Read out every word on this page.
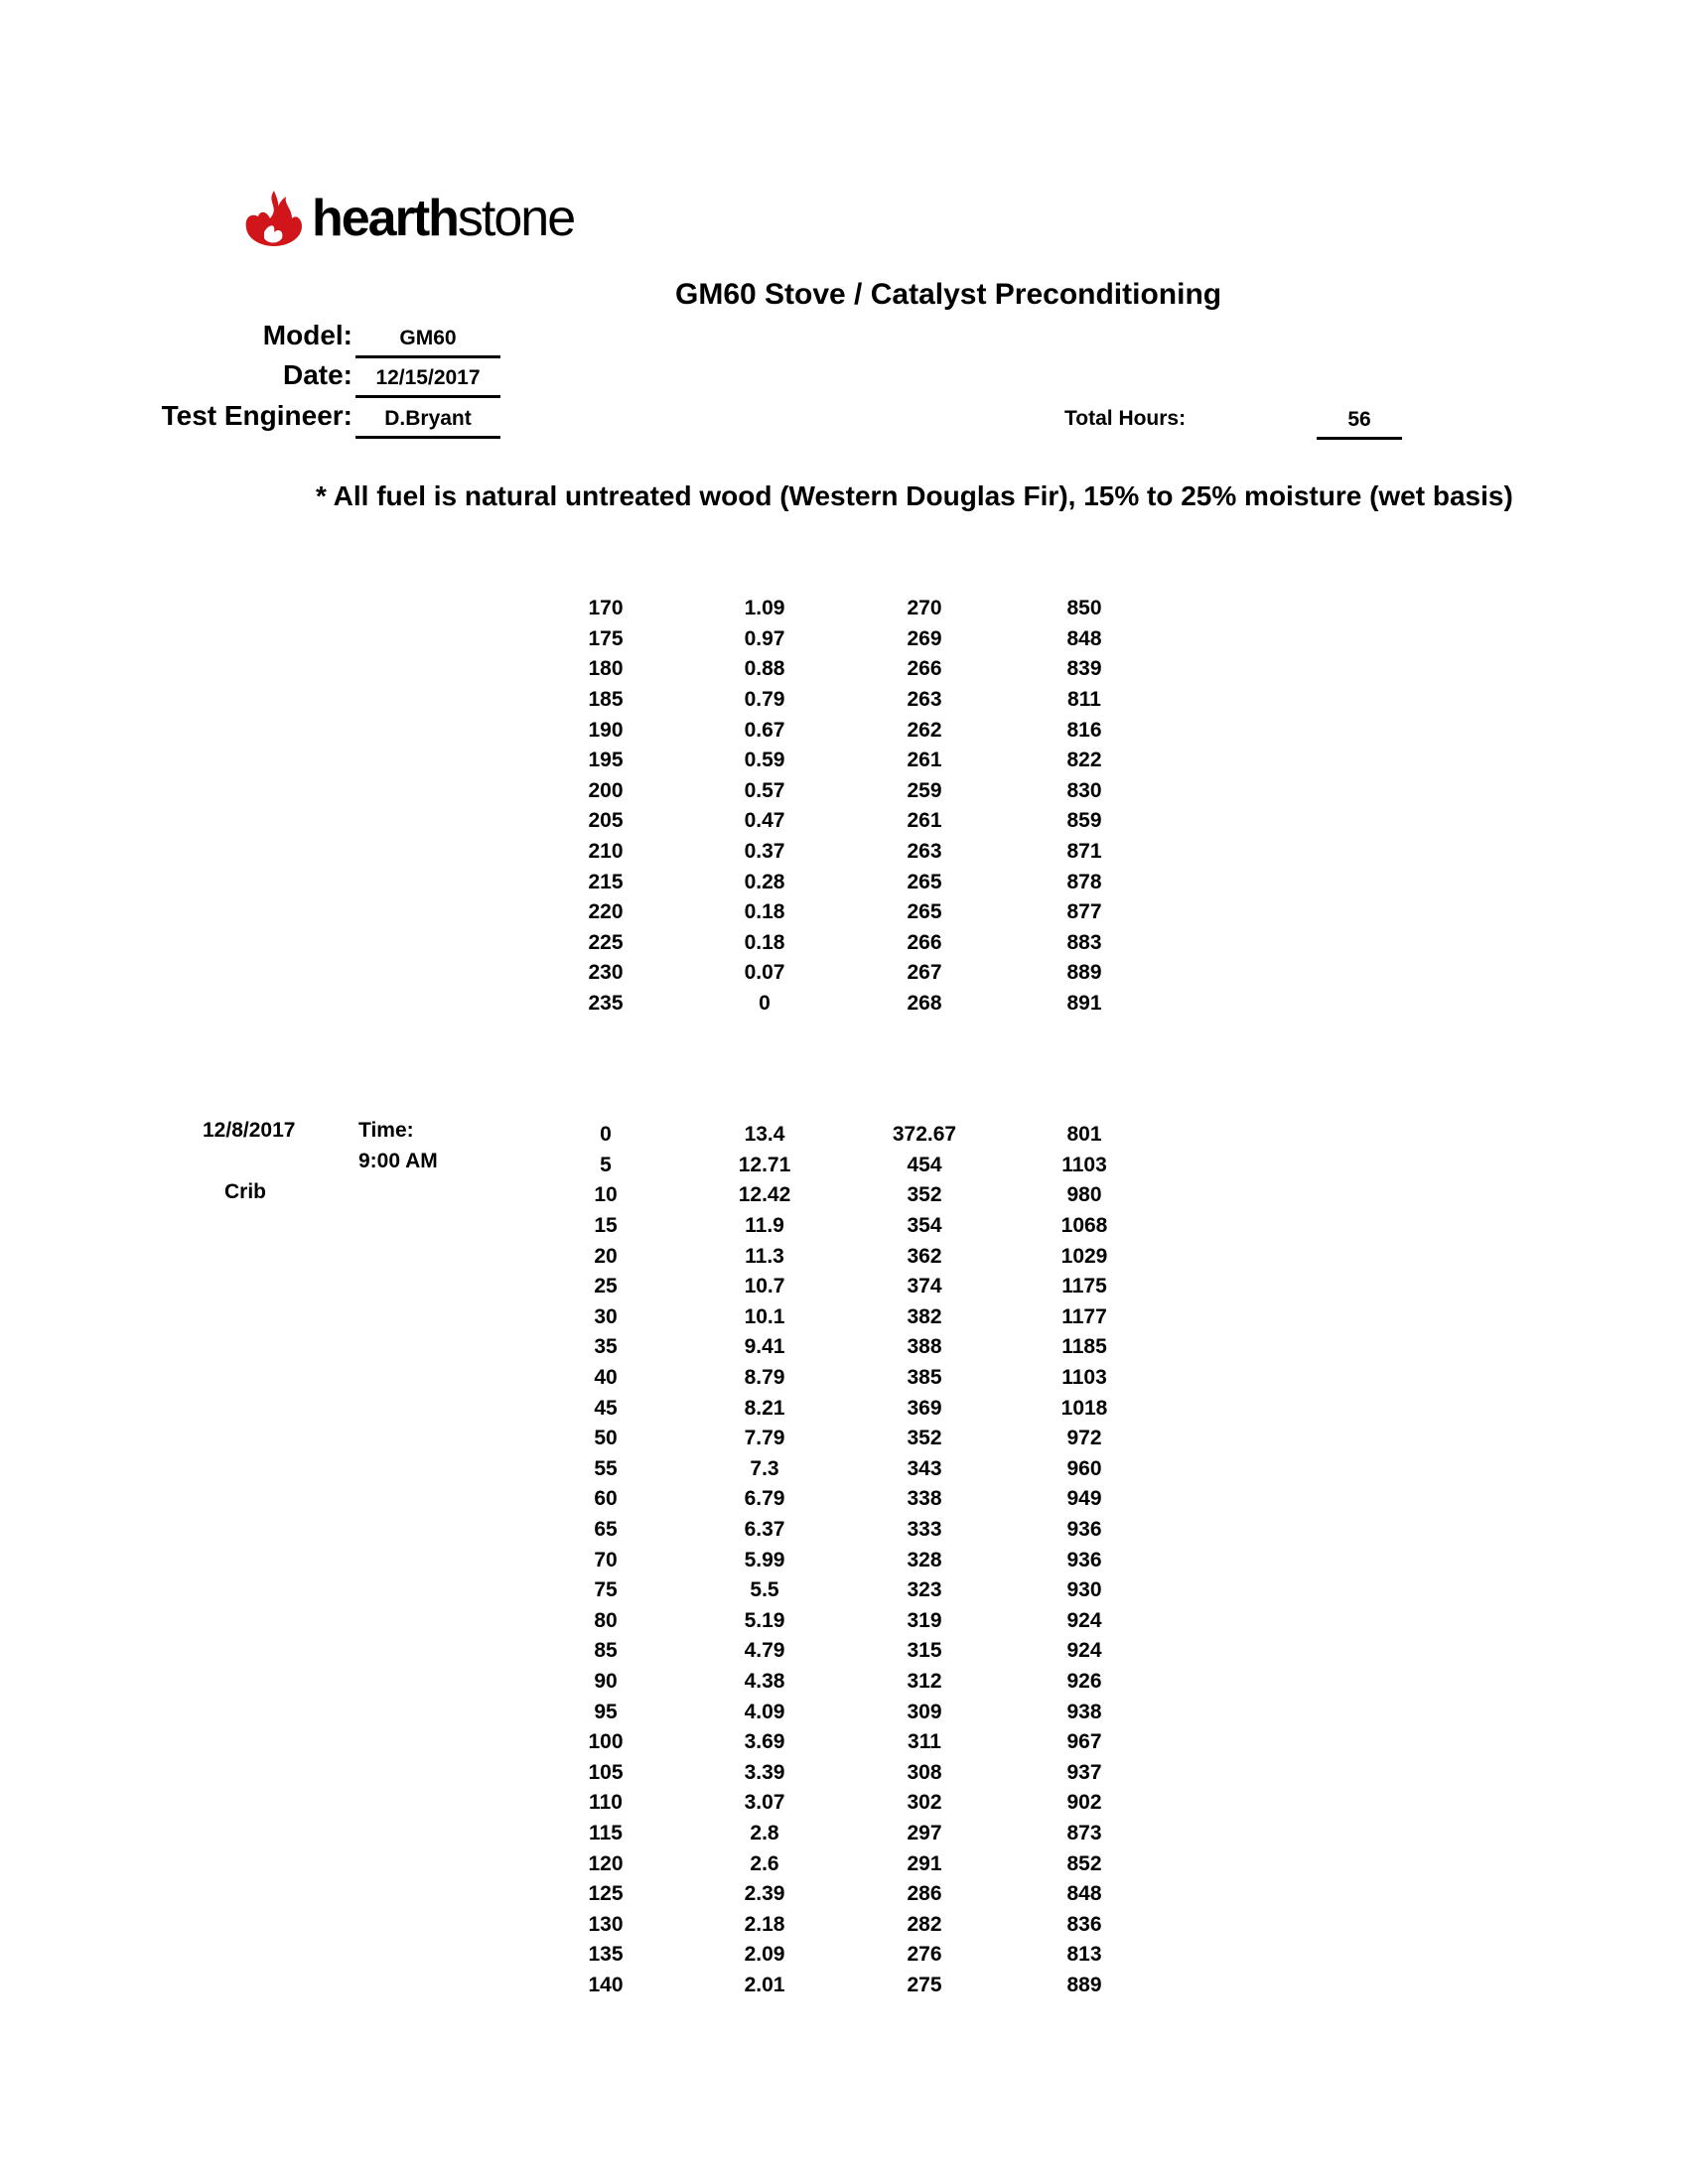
hearthstone
GM60 Stove / Catalyst Preconditioning
Model:	GM60
Date:	12/15/2017
Test Engineer:	D.Bryant	Total Hours:	56
* All fuel is natural untreated wood (Western Douglas Fir), 15% to 25% moisture (wet basis)
170	1.09	270	850
175	0.97	269	848
180	0.88	266	839
185	0.79	263	811
190	0.67	262	816
195	0.59	261	822
200	0.57	259	830
205	0.47	261	859
210	0.37	263	871
215	0.28	265	878
220	0.18	265	877
225	0.18	266	883
230	0.07	267	889
235	0	268	891
12/8/2017	Time:
9:00 AM
Crib
0	13.4	372.67	801
5	12.71	454	1103
10	12.42	352	980
15	11.9	354	1068
20	11.3	362	1029
25	10.7	374	1175
30	10.1	382	1177
35	9.41	388	1185
40	8.79	385	1103
45	8.21	369	1018
50	7.79	352	972
55	7.3	343	960
60	6.79	338	949
65	6.37	333	936
70	5.99	328	936
75	5.5	323	930
80	5.19	319	924
85	4.79	315	924
90	4.38	312	926
95	4.09	309	938
100	3.69	311	967
105	3.39	308	937
110	3.07	302	902
115	2.8	297	873
120	2.6	291	852
125	2.39	286	848
130	2.18	282	836
135	2.09	276	813
140	2.01	275	889
